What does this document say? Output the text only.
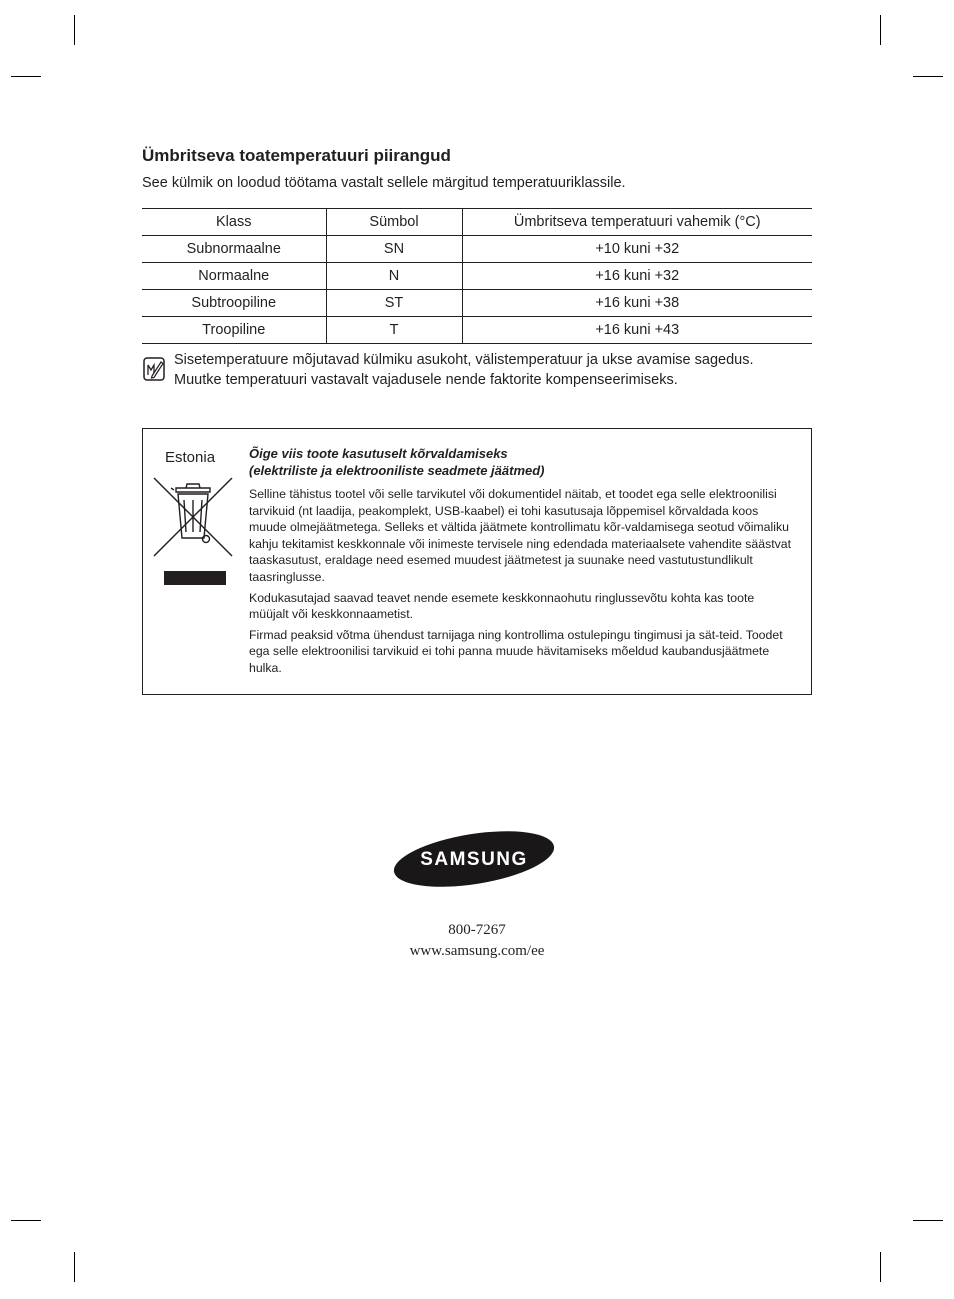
Ümbritseva toatemperatuuri piirangud

See külmik on loodud töötama vastalt sellele märgitud temperatuuriklassile.

Klass	Sümbol	Ümbritseva temperatuuri vahemik (°C)
Subnormaalne	SN	+10 kuni +32
Normaalne	N	+16 kuni +32
Subtroopiline	ST	+16 kuni +38
Troopiline	T	+16 kuni +43
Sisetemperatuure mõjutavad külmiku asukoht, välistemperatuur ja ukse avamise sagedus.
Muutke temperatuuri vastavalt vajadusele nende faktorite kompenseerimiseks.

Estonia	Õige viis toote kasutuselt kõrvaldamiseks
(elektriliste ja elektrooniliste seadmete jäätmed)

Selline tähistus tootel või selle tarvikutel või dokumentidel näitab, et toodet ega selle elektroonilisi tarvikuid (nt laadija, peakomplekt, USB-kaabel) ei tohi kasutusaja lõppemisel kõrvaldada koos muude olmejäätmetega. Selleks et vältida jäätmete kontrollimatu kõr-valdamisega seotud võimaliku kahju tekitamist keskkonnale või inimeste tervisele ning edendada materiaalsete vahendite säästvat taaskasutust, eraldage need esemed muudest jäätmetest ja suunake need vastutustundlikult taasringlusse.

Kodukasutajad saavad teavet nende esemete keskkonnaohutu ringlussevõtu kohta kas toote müüjalt või keskkonnaametist.

Firmad peaksid võtma ühendust tarnijaga ning kontrollima ostulepingu tingimusi ja sät-teid. Toodet ega selle elektroonilisi tarvikuid ei tohi panna muude hävitamiseks mõeldud kaubandusjäätmete hulka.

SAMSUNG
800-7267
www.samsung.com/ee
